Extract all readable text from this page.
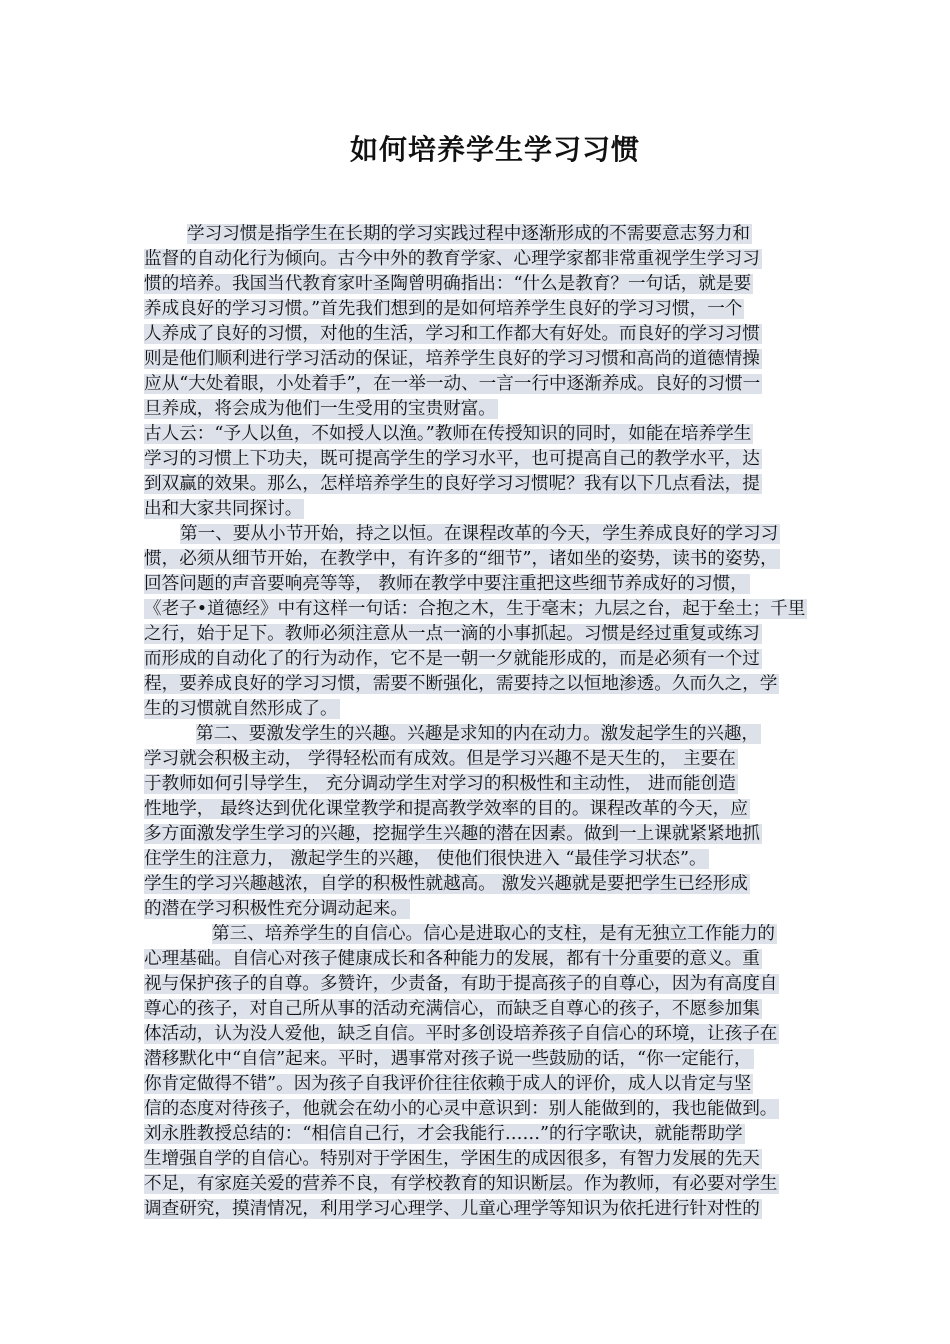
如何培养学生学习习惯
学习习惯是指学生在长期的学习实践过程中逐渐形成的不需要意志努力和
监督的自动化行为倾向。古今中外的教育学家、心理学家都非常重视学生学习习
惯的培养。我国当代教育家叶圣陶曾明确指出：“什么是教育？一句话，就是要
养成良好的学习习惯。”首先我们想到的是如何培养学生良好的学习习惯，一个
人养成了良好的习惯，对他的生活，学习和工作都大有好处。而良好的学习习惯
则是他们顺利进行学习活动的保证，培养学生良好的学习习惯和高尚的道德情操
应从“大处着眼，小处着手”，在一举一动、一言一行中逐渐养成。良好的习惯一
旦养成，将会成为他们一生受用的宝贵财富。
古人云：“予人以鱼，不如授人以渔。”教师在传授知识的同时，如能在培养学生
学习的习惯上下功夫，既可提高学生的学习水平，也可提高自己的教学水平，达
到双赢的效果。那么，怎样培养学生的良好学习习惯呢？我有以下几点看法，提
出和大家共同探讨。
第一、要从小节开始，持之以恒。在课程改革的今天，学生养成良好的学习习
惯，必须从细节开始，在教学中，有许多的“细节”，诸如坐的姿势，读书的姿势，
回答问题的声音要响亮等等， 教师在教学中要注重把这些细节养成好的习惯，
《老子•道德经》中有这样一句话：合抱之木，生于毫末；九层之台，起于垒土；千里
之行，始于足下。教师必须注意从一点一滴的小事抓起。习惯是经过重复或练习
而形成的自动化了的行为动作，它不是一朝一夕就能形成的，而是必须有一个过
程，要养成良好的学习习惯，需要不断强化，需要持之以恒地渗透。久而久之，学
生的习惯就自然形成了。
第二、要激发学生的兴趣。兴趣是求知的内在动力。激发起学生的兴趣，
学习就会积极主动， 学得轻松而有成效。但是学习兴趣不是天生的， 主要在
于教师如何引导学生， 充分调动学生对学习的积极性和主动性， 进而能创造
性地学， 最终达到优化课堂教学和提高教学效率的目的。课程改革的今天，应
多方面激发学生学习的兴趣，挖掘学生兴趣的潜在因素。做到一上课就紧紧地抓
住学生的注意力， 激起学生的兴趣， 使他们很快进入 “最佳学习状态”。
学生的学习兴趣越浓，自学的积极性就越高。 激发兴趣就是要把学生已经形成
的潜在学习积极性充分调动起来。
第三、培养学生的自信心。信心是进取心的支柱，是有无独立工作能力的
心理基础。自信心对孩子健康成长和各种能力的发展，都有十分重要的意义。重
视与保护孩子的自尊。多赞许，少责备，有助于提高孩子的自尊心，因为有高度自
尊心的孩子，对自己所从事的活动充满信心，而缺乏自尊心的孩子，不愿参加集
体活动，认为没人爱他，缺乏自信。平时多创设培养孩子自信心的环境，让孩子在
潜移默化中“自信”起来。平时，遇事常对孩子说一些鼓励的话，“你一定能行，
你肯定做得不错”。因为孩子自我评价往往依赖于成人的评价，成人以肯定与坚
信的态度对待孩子，他就会在幼小的心灵中意识到：别人能做到的，我也能做到。
刘永胜教授总结的：“相信自己行，才会我能行……”的行字歌诀，就能帮助学
生增强自学的自信心。特别对于学困生，学困生的成因很多，有智力发展的先天
不足，有家庭关爱的营养不良，有学校教育的知识断层。作为教师，有必要对学生
调查研究，摸清情况，利用学习心理学、儿童心理学等知识为依托进行针对性的
